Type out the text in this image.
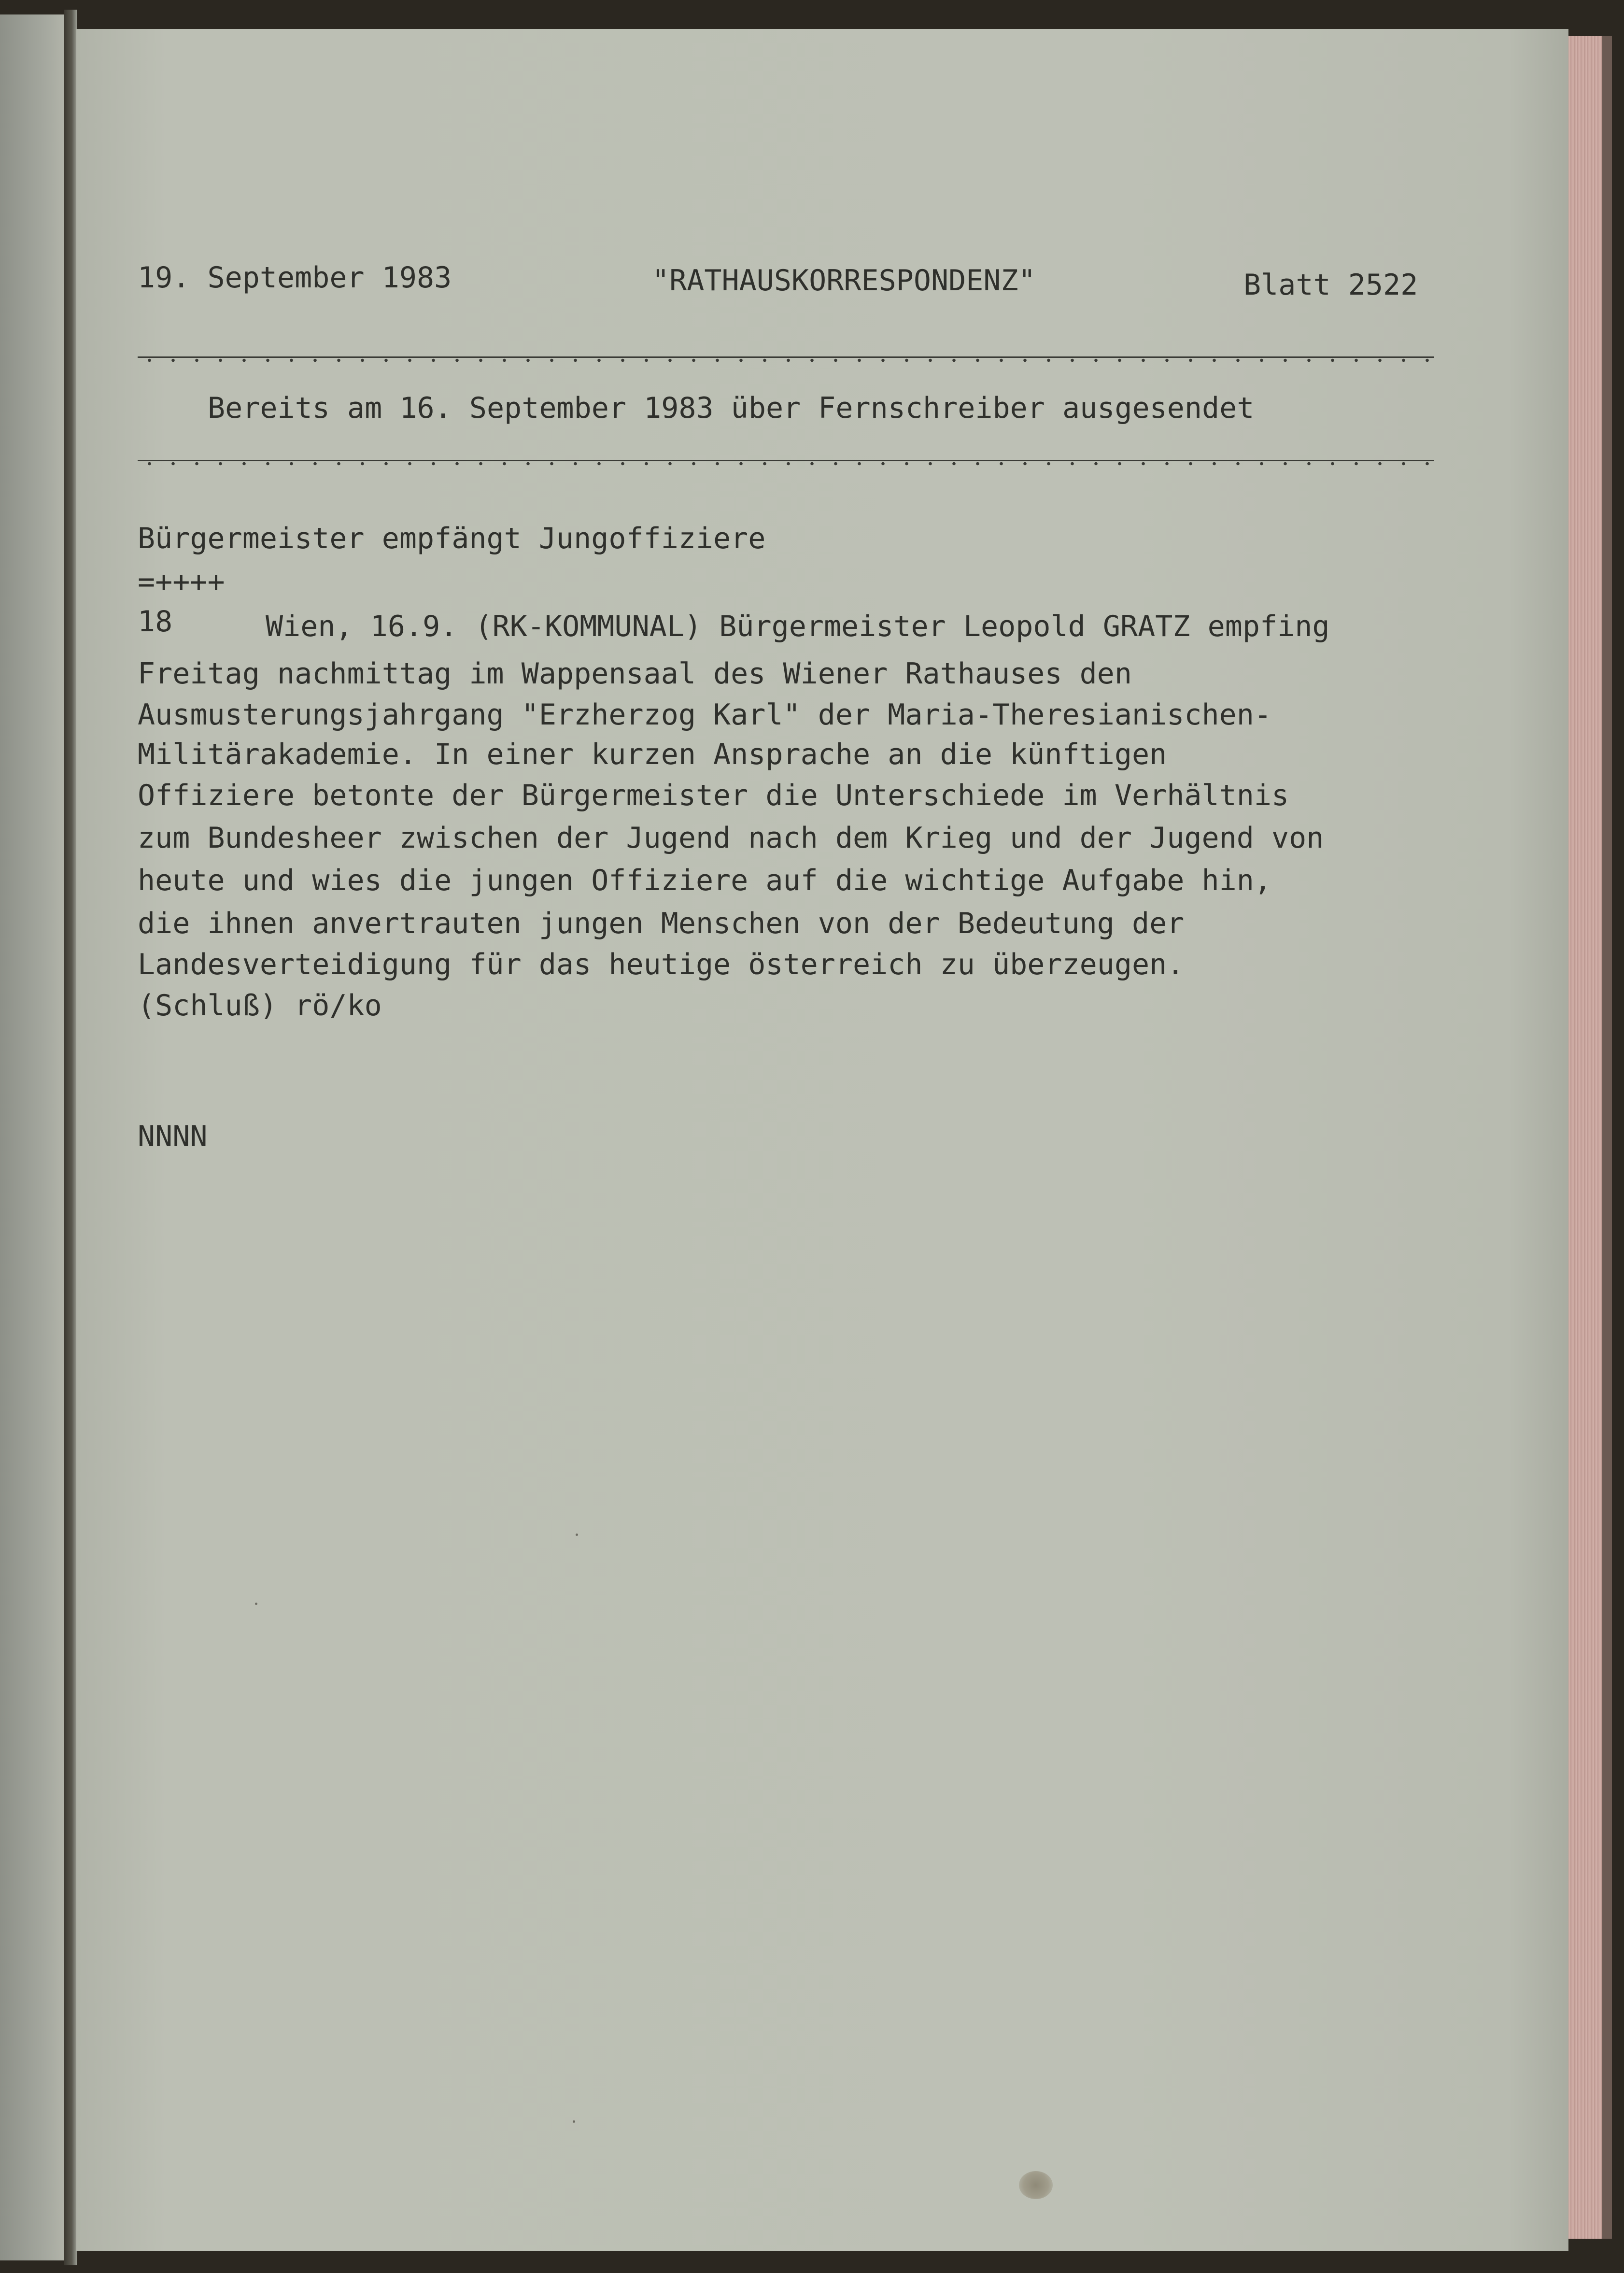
19. September 1983	"RATHAUSKORRESPONDENZ"	Blatt 2522
Bereits am 16. September 1983 über Fernschreiber ausgesendet
Bürgermeister empfängt Jungoffiziere
=++++
18	Wien, 16.9. (RK-KOMMUNAL) Bürgermeister Leopold GRATZ empfing
Freitag nachmittag im Wappensaal des Wiener Rathauses den
Ausmusterungsjahrgang "Erzherzog Karl" der Maria-Theresianischen-
Militärakademie. In einer kurzen Ansprache an die künftigen
Offiziere betonte der Bürgermeister die Unterschiede im Verhältnis
zum Bundesheer zwischen der Jugend nach dem Krieg und der Jugend von
heute und wies die jungen Offiziere auf die wichtige Aufgabe hin,
die ihnen anvertrauten jungen Menschen von der Bedeutung der
Landesverteidigung für das heutige österreich zu überzeugen.
(Schluß) rö/ko
NNNN
